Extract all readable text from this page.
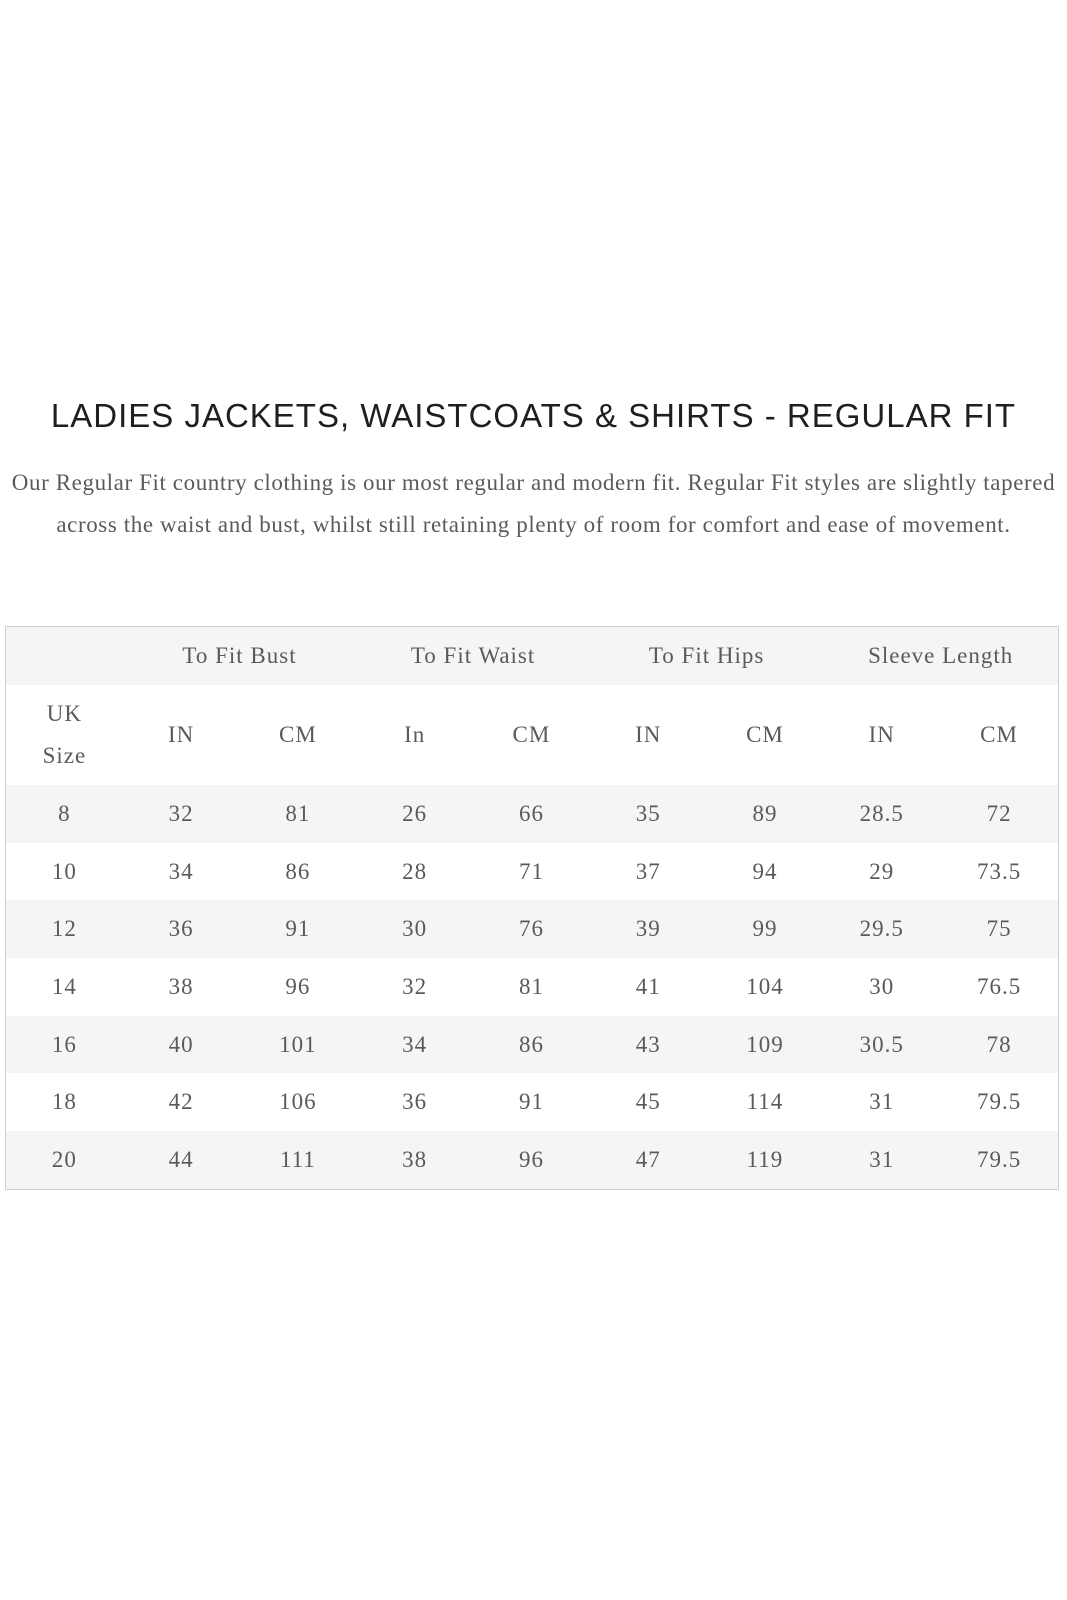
LADIES JACKETS, WAISTCOATS & SHIRTS - REGULAR FIT

Our Regular Fit country clothing is our most regular and modern fit. Regular Fit styles are slightly tapered across the waist and bust, whilst still retaining plenty of room for comfort and ease of movement.

	To Fit Bust		To Fit Waist		To Fit Hips		Sleeve Length	
UK
Size	IN	CM	In	CM	IN	CM	IN	CM
8	32	81	26	66	35	89	28.5	72
10	34	86	28	71	37	94	29	73.5
12	36	91	30	76	39	99	29.5	75
14	38	96	32	81	41	104	30	76.5
16	40	101	34	86	43	109	30.5	78
18	42	106	36	91	45	114	31	79.5
20	44	111	38	96	47	119	31	79.5
